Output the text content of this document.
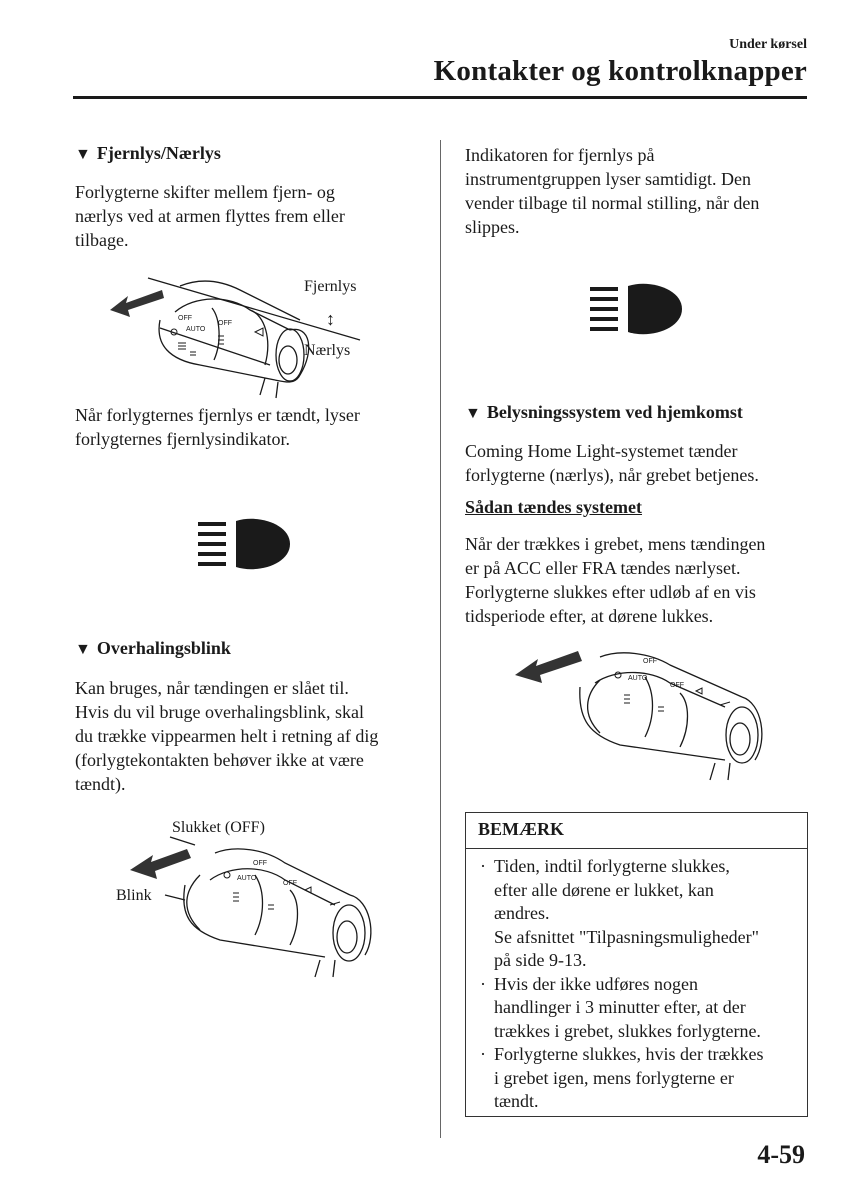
Under kørsel
Kontakter og kontrolknapper
▼ Fjernlys/Nærlys
Forlygterne skifter mellem fjern- og
nærlys ved at armen flyttes frem eller
tilbage.
OFF
AUTO
OFF
Fjernlys
↕
Nærlys
Når forlygternes fjernlys er tændt, lyser
forlygternes fjernlysindikator.
▼ Overhalingsblink
Kan bruges, når tændingen er slået til.
Hvis du vil bruge overhalingsblink, skal
du trække vippearmen helt i retning af dig
(forlygtekontakten behøver ikke at være
tændt).
Slukket (OFF)
Blink
OFF
AUTO
OFF
Indikatoren for fjernlys på
instrumentgruppen lyser samtidigt. Den
vender tilbage til normal stilling, når den
slippes.
▼ Belysningssystem ved hjemkomst
Coming Home Light-systemet tænder
forlygterne (nærlys), når grebet betjenes.
Sådan tændes systemet
Når der trækkes i grebet, mens tændingen
er på ACC eller FRA tændes nærlyset.
Forlygterne slukkes efter udløb af en vis
tidsperiode efter, at dørene lukkes.
OFF
AUTO
OFF
BEMÆRK
· Tiden, indtil forlygterne slukkes,
efter alle dørene er lukket, kan
ændres.
Se afsnittet "Tilpasningsmuligheder"
på side 9-13.
· Hvis der ikke udføres nogen
handlinger i 3 minutter efter, at der
trækkes i grebet, slukkes forlygterne.
· Forlygterne slukkes, hvis der trækkes
i grebet igen, mens forlygterne er
tændt.
4-59
